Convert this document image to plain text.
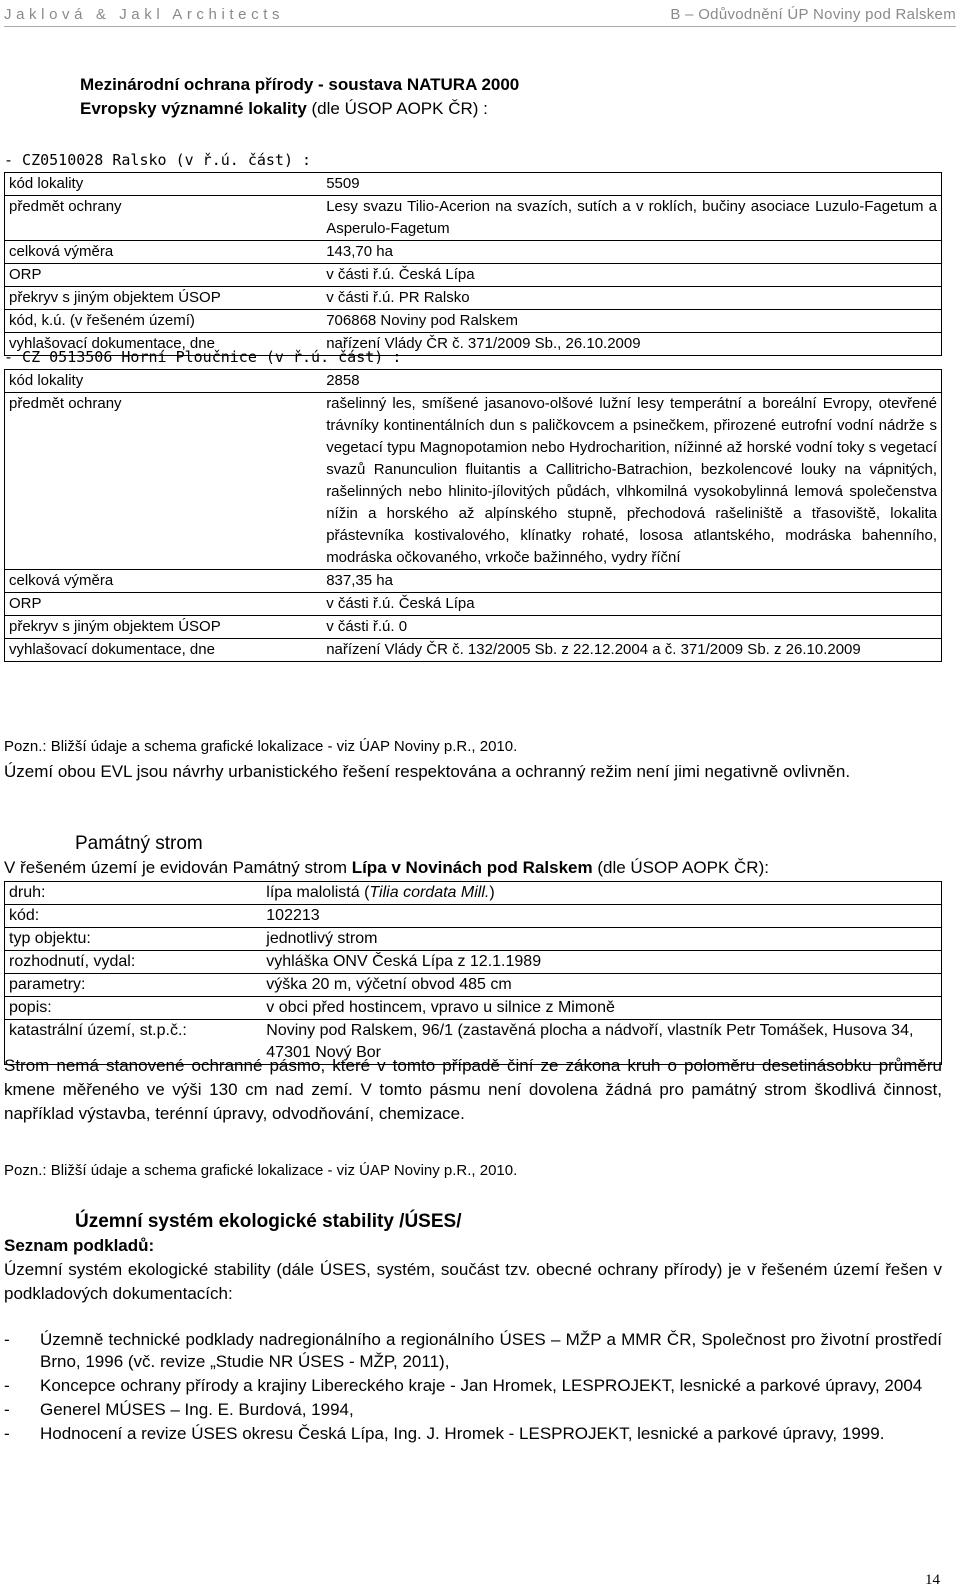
Jaklová & Jakl Architects	B – Odůvodnění ÚP Noviny pod Ralskem
Mezinárodní ochrana přírody - soustava NATURA 2000
Evropsky významné lokality (dle ÚSOP AOPK ČR) :
- CZ0510028 Ralsko (v ř.ú. část) :
kód lokality	5509
předmět ochrany	Lesy svazu Tilio-Acerion na svazích, sutích a v roklích, bučiny asociace Luzulo-Fagetum a Asperulo-Fagetum
celková výměra	143,70 ha
ORP	v části ř.ú. Česká Lípa
překryv s jiným objektem ÚSOP	v části ř.ú. PR Ralsko
kód, k.ú. (v řešeném území)	706868 Noviny pod Ralskem
vyhlašovací dokumentace, dne	nařízení Vlády ČR č. 371/2009 Sb., 26.10.2009
- CZ 0513506 Horní Ploučnice (v ř.ú. část) :
kód lokality	2858
předmět ochrany	rašelinný les, smíšené jasanovo-olšové lužní lesy temperátní a boreální Evropy, otevřené trávníky kontinentálních dun s paličkovcem a psinečkem, přirozené eutrofní vodní nádrže s vegetací typu Magnopotamion nebo Hydrocharition, nížinné až horské vodní toky s vegetací svazů Ranunculion fluitantis a Callitricho-Batrachion, bezkolencové louky na vápnitých, rašelinných nebo hlinito-jílovitých půdách, vlhkomilná vysokobylinná lemová společenstva nížin a horského až alpínského stupně, přechodová rašeliniště a třasoviště, lokalita přástevníka kostivalového, klínatky rohaté, lososa atlantského, modráska bahenního, modráska očkovaného, vrkoče bažinného, vydry říční
celková výměra	837,35 ha
ORP	v části ř.ú. Česká Lípa
překryv s jiným objektem ÚSOP	v části ř.ú. 0
vyhlašovací dokumentace, dne	nařízení Vlády ČR č. 132/2005 Sb. z 22.12.2004 a č. 371/2009 Sb. z 26.10.2009
Pozn.: Bližší údaje a schema grafické lokalizace - viz ÚAP Noviny p.R., 2010.
Území obou EVL jsou návrhy urbanistického řešení respektována a ochranný režim není jimi negativně ovlivněn.
Památný strom
V řešeném území je evidován Památný strom Lípa v Novinách pod Ralskem (dle ÚSOP AOPK ČR):
druh:	lípa malolistá (Tilia cordata Mill.)
kód:	102213
typ objektu:	jednotlivý strom
rozhodnutí, vydal:	vyhláška ONV Česká Lípa z 12.1.1989
parametry:	výška 20 m, výčetní obvod 485 cm
popis:	v obci před hostincem, vpravo u silnice z Mimoně
katastrální území, st.p.č.:	Noviny pod Ralskem, 96/1 (zastavěná plocha a nádvoří, vlastník Petr Tomášek, Husova 34, 47301 Nový Bor
Strom nemá stanovené ochranné pásmo, které v tomto případě činí ze zákona kruh o poloměru desetinásobku průměru kmene měřeného ve výši 130 cm nad zemí. V tomto pásmu není dovolena žádná pro památný strom škodlivá činnost, například výstavba, terénní úpravy, odvodňování, chemizace.
Pozn.: Bližší údaje a schema grafické lokalizace - viz ÚAP Noviny p.R., 2010.
Územní systém ekologické stability /ÚSES/
Seznam podkladů:
Územní systém ekologické stability (dále ÚSES, systém, součást tzv. obecné ochrany přírody) je v řešeném území řešen v podkladových dokumentacích:
- Územně technické podklady nadregionálního a regionálního ÚSES – MŽP a MMR ČR, Společnost pro životní prostředí Brno, 1996 (vč. revize „Studie NR ÚSES - MŽP, 2011),
- Koncepce ochrany přírody a krajiny Libereckého kraje - Jan Hromek, LESPROJEKT, lesnické a parkové úpravy, 2004
- Generel MÚSES – Ing. E. Burdová, 1994,
- Hodnocení a revize ÚSES okresu Česká Lípa, Ing. J. Hromek - LESPROJEKT, lesnické a parkové úpravy, 1999.
14
